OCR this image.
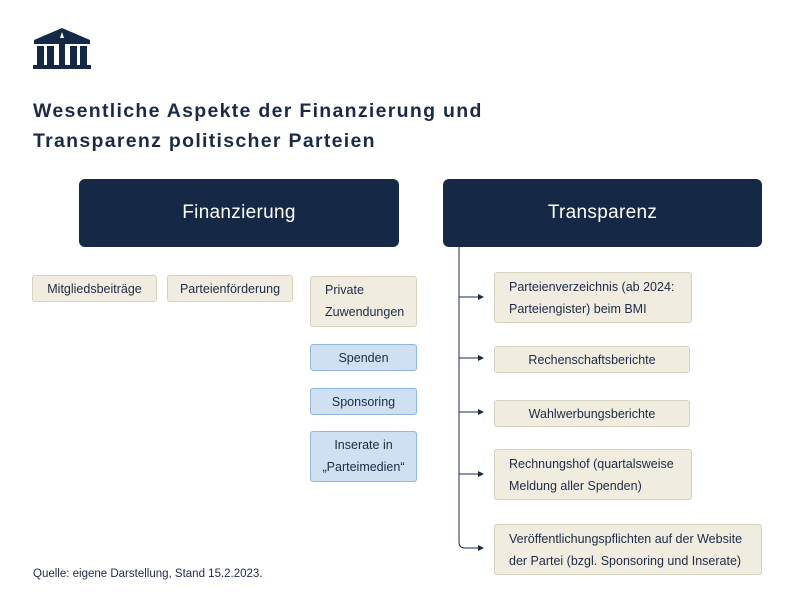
Wesentliche Aspekte der Finanzierung und
Transparenz politischer Parteien
Finanzierung
Mitgliedsbeiträge	Parteienförderung	Private
Zuwendungen
Spenden
Sponsoring
Inserate in
„Parteimedien“
Transparenz
Parteienverzeichnis (ab 2024:
Parteiengister) beim BMI
Rechenschaftsberichte
Wahlwerbungsberichte
Rechnungshof (quartalsweise
Meldung aller Spenden)
Veröffentlichungspflichten auf der Website
der Partei (bzgl. Sponsoring und Inserate)
Quelle: eigene Darstellung, Stand 15.2.2023.
